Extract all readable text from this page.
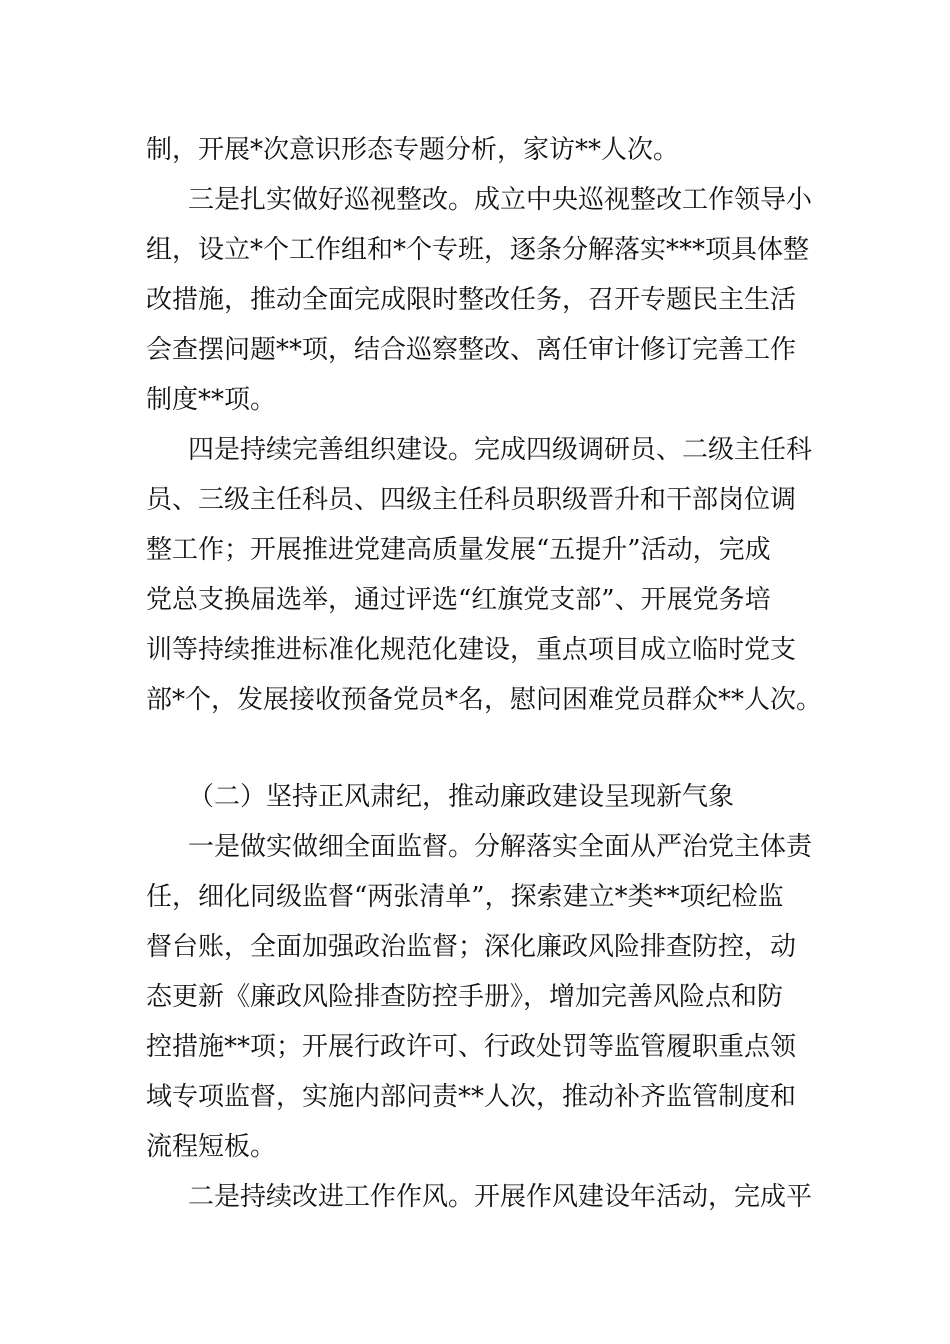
制，开展*次意识形态专题分析，家访**人次。
三是扎实做好巡视整改。成立中央巡视整改工作领导小
组，设立*个工作组和*个专班，逐条分解落实***项具体整
改措施，推动全面完成限时整改任务，召开专题民主生活
会查摆问题**项，结合巡察整改、离任审计修订完善工作
制度**项。
四是持续完善组织建设。完成四级调研员、二级主任科
员、三级主任科员、四级主任科员职级晋升和干部岗位调
整工作；开展推进党建高质量发展“五提升”活动，完成
党总支换届选举，通过评选“红旗党支部”、开展党务培
训等持续推进标准化规范化建设，重点项目成立临时党支
部*个，发展接收预备党员*名，慰问困难党员群众**人次。
（二）坚持正风肃纪，推动廉政建设呈现新气象
一是做实做细全面监督。分解落实全面从严治党主体责
任，细化同级监督“两张清单”，探索建立*类**项纪检监
督台账，全面加强政治监督；深化廉政风险排查防控，动
态更新《廉政风险排查防控手册》，增加完善风险点和防
控措施**项；开展行政许可、行政处罚等监管履职重点领
域专项监督，实施内部问责**人次，推动补齐监管制度和
流程短板。
二是持续改进工作作风。开展作风建设年活动，完成平
